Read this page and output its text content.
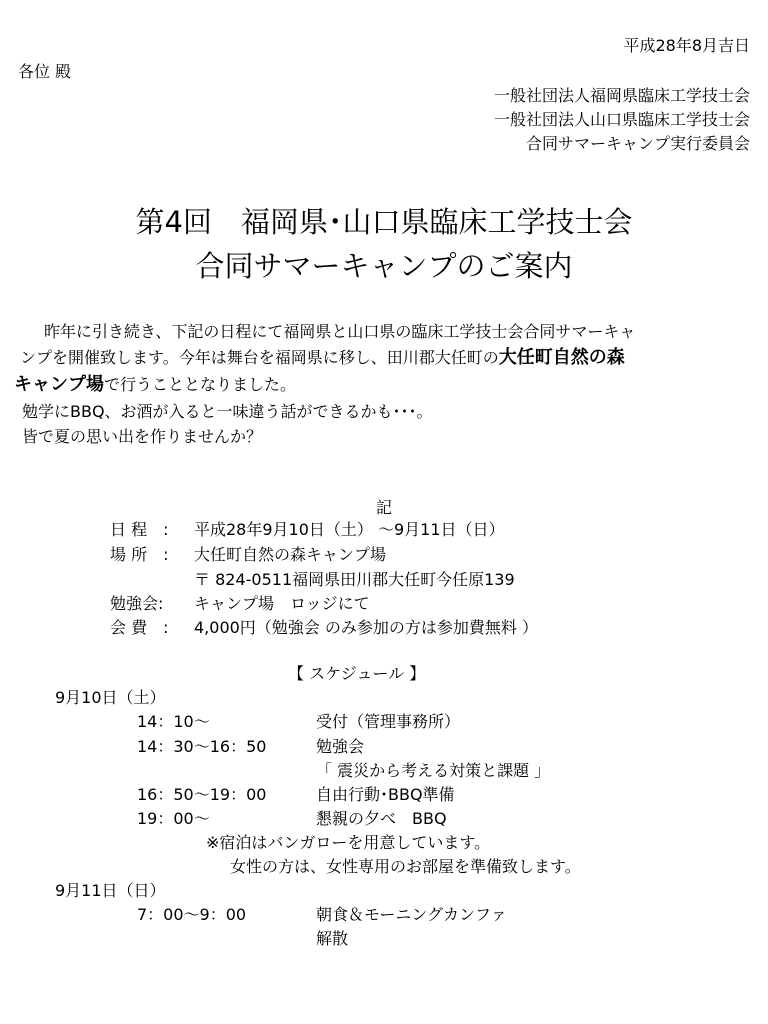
平成28年8月吉日
各位 殿
一般社団法人福岡県臨床工学技士会
一般社団法人山口県臨床工学技士会
合同サマーキャンプ実行委員会
第4回　福岡県･山口県臨床工学技士会
合同サマーキャンプのご案内
昨年に引き続き、下記の日程にて福岡県と山口県の臨床工学技士会合同サマーキャ
ンプを開催致します。今年は舞台を福岡県に移し、田川郡大任町の大任町自然の森
キャンプ場で行うこととなりました。
勉学にBBQ、お酒が入ると一味違う話ができるかも･･･。
皆で夏の思い出を作りませんか？
記
日 程　: 平成28年9月10日（土） ～9月11日（日）
場 所　: 大任町自然の森キャンプ場
〒 824-0511福岡県田川郡大任町今任原139
勉強会: キャンプ場　ロッジにて
会 費　: 4,000円（勉強会 のみ参加の方は参加費無料 ）
【 スケジュール 】
9月10日（土）
14：10～	受付（管理事務所）
14：30～16：50	勉強会
「 震災から考える対策と課題 」
16：50～19：00	自由行動･BBQ準備
19：00～	懇親の夕べ　BBQ
※宿泊はバンガローを用意しています。
女性の方は、女性専用のお部屋を準備致します。
9月11日（日）
7：00～9：00	朝食＆モーニングカンファ
解散
